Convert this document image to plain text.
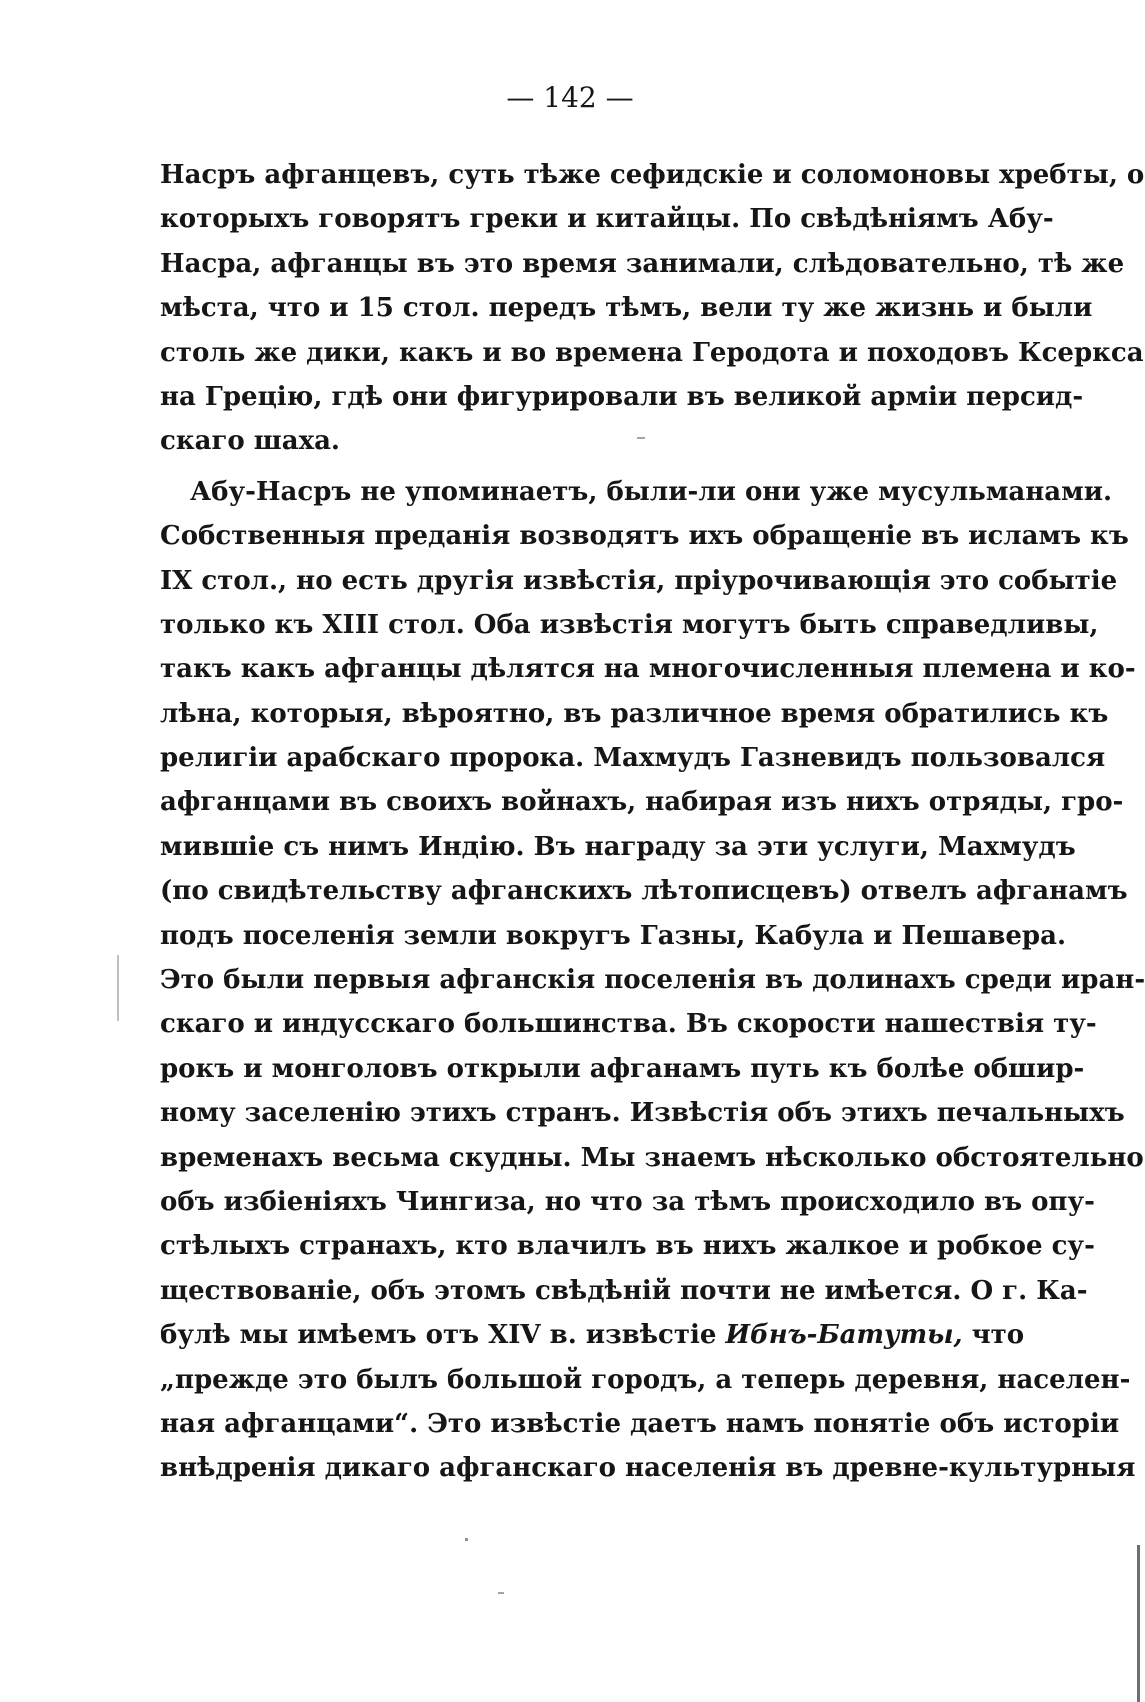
— 142 —
Насръ афганцевъ, суть тѣже сефидскіе и соломоновы хребты, о
которыхъ говорятъ греки и китайцы. По свѣдѣніямъ Абу-
Насра, афганцы въ это время занимали, слѣдовательно, тѣ же
мѣста, что и 15 стол. передъ тѣмъ, вели ту же жизнь и были
столь же дики, какъ и во времена Геродота и походовъ Ксеркса
на Грецію, гдѣ они фигурировали въ великой арміи персид-
скаго шаха.
Абу-Насръ не упоминаетъ, были-ли они уже мусульманами.
Собственныя преданія возводятъ ихъ обращеніе въ исламъ къ
IX стол., но есть другія извѣстія, пріурочивающія это событіе
только къ XIII стол. Оба извѣстія могутъ быть справедливы,
такъ какъ афганцы дѣлятся на многочисленныя племена и ко-
лѣна, которыя, вѣроятно, въ различное время обратились къ
религіи арабскаго пророка. Махмудъ Газневидъ пользовался
афганцами въ своихъ войнахъ, набирая изъ нихъ отряды, гро-
мившіе съ нимъ Индію. Въ награду за эти услуги, Махмудъ
(по свидѣтельству афганскихъ лѣтописцевъ) отвелъ афганамъ
подъ поселенія земли вокругъ Газны, Кабула и Пешавера.
Это были первыя афганскія поселенія въ долинахъ среди иран-
скаго и индусскаго большинства. Въ скорости нашествія ту-
рокъ и монголовъ открыли афганамъ путь къ болѣе обшир-
ному заселенію этихъ странъ. Извѣстія объ этихъ печальныхъ
временахъ весьма скудны. Мы знаемъ нѣсколько обстоятельно
объ избіеніяхъ Чингиза, но что за тѣмъ происходило въ опу-
стѣлыхъ странахъ, кто влачилъ въ нихъ жалкое и робкое су-
ществованіе, объ этомъ свѣдѣній почти не имѣется. О г. Ка-
булѣ мы имѣемъ отъ XIV в. извѣстіе Ибнъ-Батуты, что
„прежде это былъ большой городъ, а теперь деревня, населен-
ная афганцами“. Это извѣстіе даетъ намъ понятіе объ исторіи
внѣдренія дикаго афганскаго населенія въ древне-культурныя
